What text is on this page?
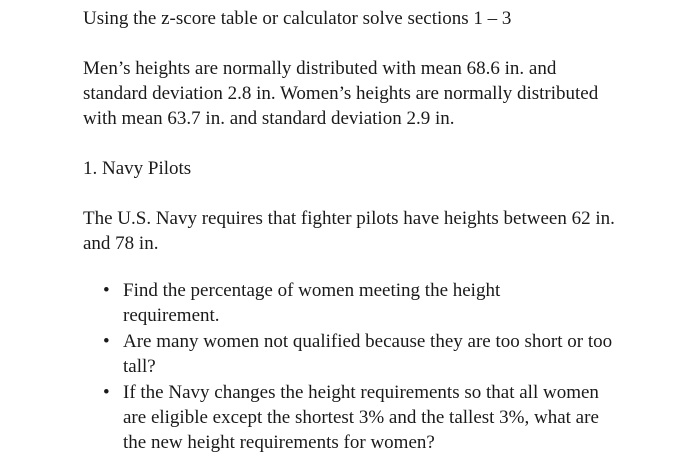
Using the z-score table or calculator solve sections 1 – 3

Men’s heights are normally distributed with mean 68.6 in. and standard deviation 2.8 in. Women’s heights are normally distributed with mean 63.7 in. and standard deviation 2.9 in.

1. Navy Pilots

The U.S. Navy requires that fighter pilots have heights between 62 in. and 78 in.

• Find the percentage of women meeting the height requirement.
• Are many women not qualified because they are too short or too tall?
• If the Navy changes the height requirements so that all women are eligible except the shortest 3% and the tallest 3%, what are the new height requirements for women?
